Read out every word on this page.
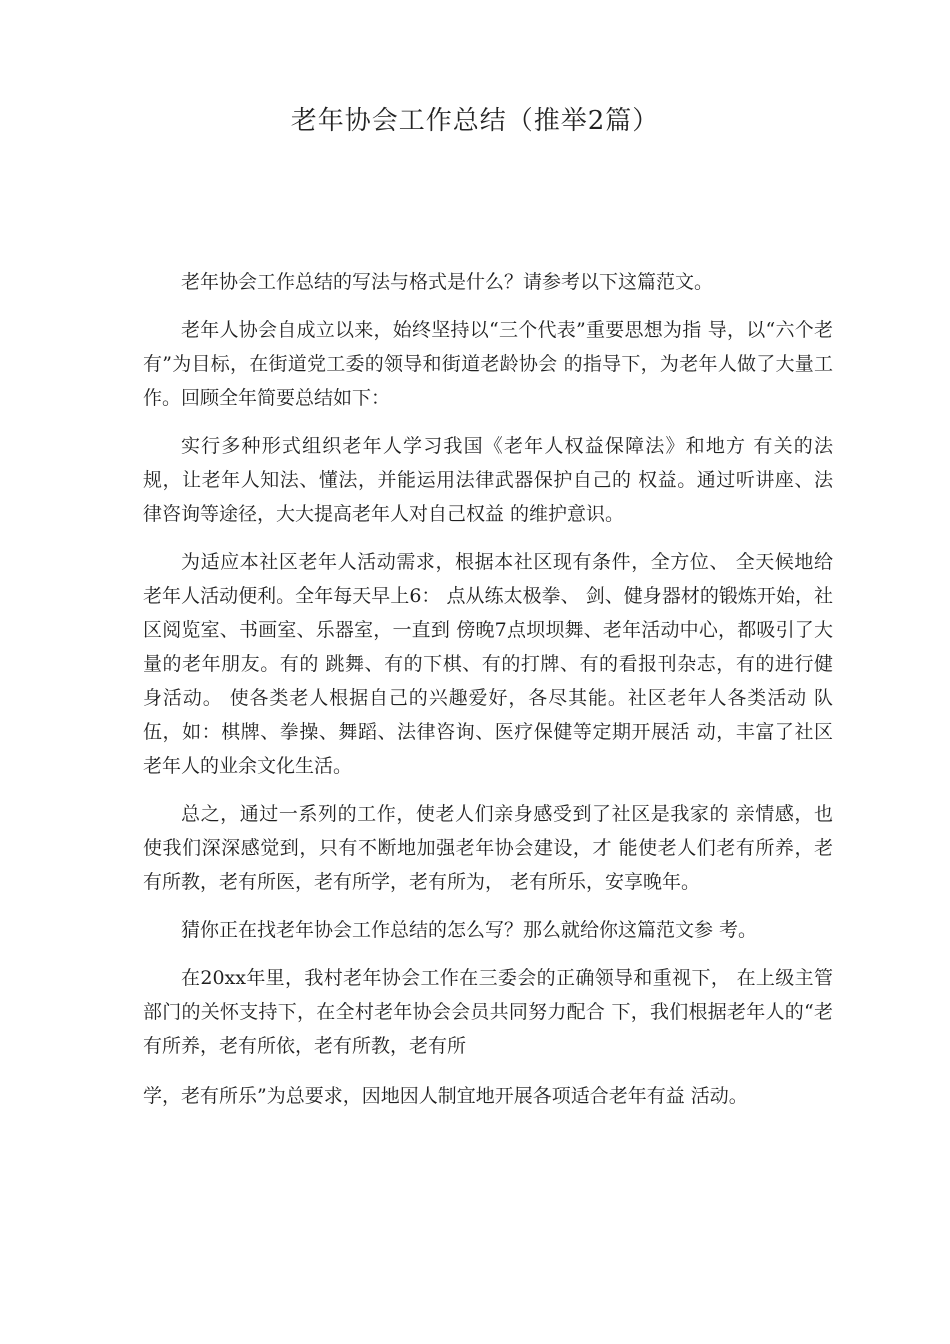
老年协会工作总结（推举2篇）

老年协会工作总结的写法与格式是什么？请参考以下这篇范文。

老年人协会自成立以来，始终坚持以“三个代表”重要思想为指 导，以“六个老有”为目标，在街道党工委的领导和街道老龄协会 的指导下，为老年人做了大量工作。回顾全年简要总结如下：

实行多种形式组织老年人学习我国《老年人权益保障法》和地方 有关的法规，让老年人知法、懂法，并能运用法律武器保护自己的 权益。通过听讲座、法律咨询等途径，大大提高老年人对自己权益 的维护意识。

为适应本社区老年人活动需求，根据本社区现有条件，全方位、 全天候地给老年人活动便利。全年每天早上6： 点从练太极拳、 剑、健身器材的锻炼开始，社区阅览室、书画室、乐器室，一直到 傍晚7点坝坝舞、老年活动中心，都吸引了大量的老年朋友。有的 跳舞、有的下棋、有的打牌、有的看报刊杂志，有的进行健身活动。 使各类老人根据自己的兴趣爱好，各尽其能。社区老年人各类活动 队伍，如：棋牌、拳操、舞蹈、法律咨询、医疗保健等定期开展活 动，丰富了社区老年人的业余文化生活。

总之，通过一系列的工作，使老人们亲身感受到了社区是我家的 亲情感，也使我们深深感觉到，只有不断地加强老年协会建设，才 能使老人们老有所养，老有所教，老有所医，老有所学，老有所为， 老有所乐，安享晚年。

猜你正在找老年协会工作总结的怎么写？那么就给你这篇范文参 考。

在20xx年里，我村老年协会工作在三委会的正确领导和重视下， 在上级主管部门的关怀支持下，在全村老年协会会员共同努力配合 下，我们根据老年人的“老有所养，老有所依，老有所教，老有所

学，老有所乐”为总要求，因地因人制宜地开展各项适合老年有益 活动。
